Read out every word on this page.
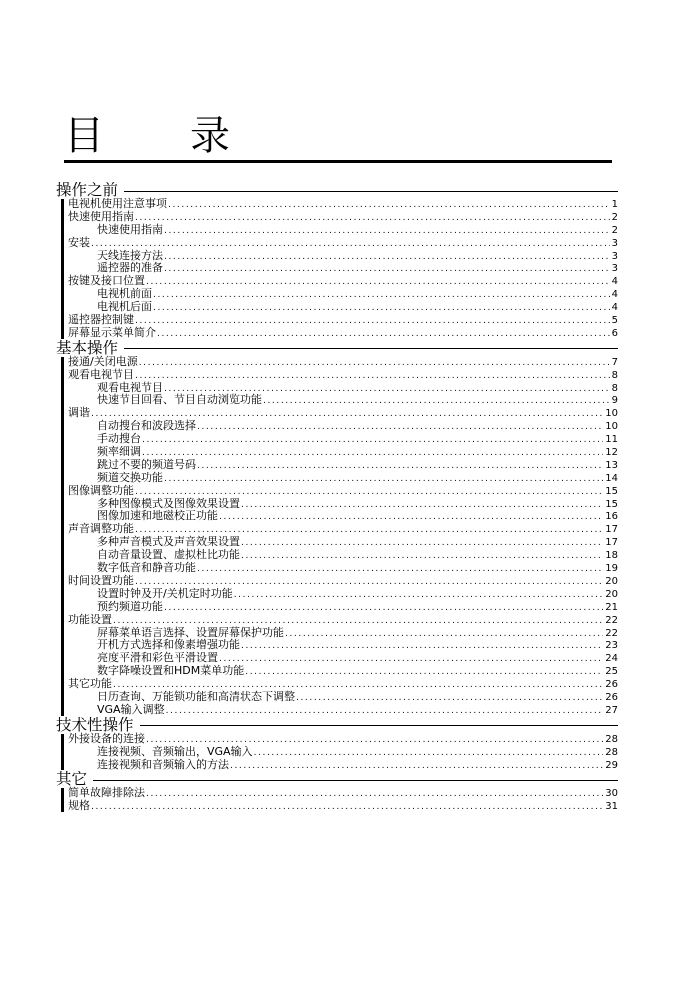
目 录
操作之前
电视机使用注意事项 .....	1
快速使用指南 .....	2
快速使用指南 .....	2
安装 .....	3
天线连接方法 .....	3
遥控器的准备 .....	3
按键及接口位置 .....	4
电视机前面 .....	4
电视机后面 .....	4
遥控器控制键 .....	5
屏幕显示菜单简介 .....	6
基本操作
接通/关闭电源 .....	7
观看电视节目 .....	8
观看电视节目 .....	8
快速节目回看、节目自动浏览功能 .....	9
调谐 .....	10
自动搜台和波段选择 .....	10
手动搜台 .....	11
频率细调 .....	12
跳过不要的频道号码 .....	13
频道交换功能 .....	14
图像调整功能 .....	15
多种图像模式及图像效果设置 .....	15
图像加速和地磁校正功能 .....	16
声音调整功能 .....	17
多种声音模式及声音效果设置 .....	17
自动音量设置、虚拟杜比功能 .....	18
数字低音和静音功能 .....	19
时间设置功能 .....	20
设置时钟及开/关机定时功能 .....	20
预约频道功能 .....	21
功能设置 .....	22
屏幕菜单语言选择、设置屏幕保护功能 .....	22
开机方式选择和像素增强功能 .....	23
亮度平滑和彩色平滑设置 .....	24
数字降噪设置和HDM菜单功能 .....	25
其它功能 .....	26
日历查询、万能锁功能和高清状态下调整 .....	26
VGA输入调整 .....	27
技术性操作
外接设备的连接 .....	28
连接视频、音频输出，VGA输入 .....	28
连接视频和音频输入的方法 .....	29
其它
简单故障排除法 .....	30
规格 .....	31
